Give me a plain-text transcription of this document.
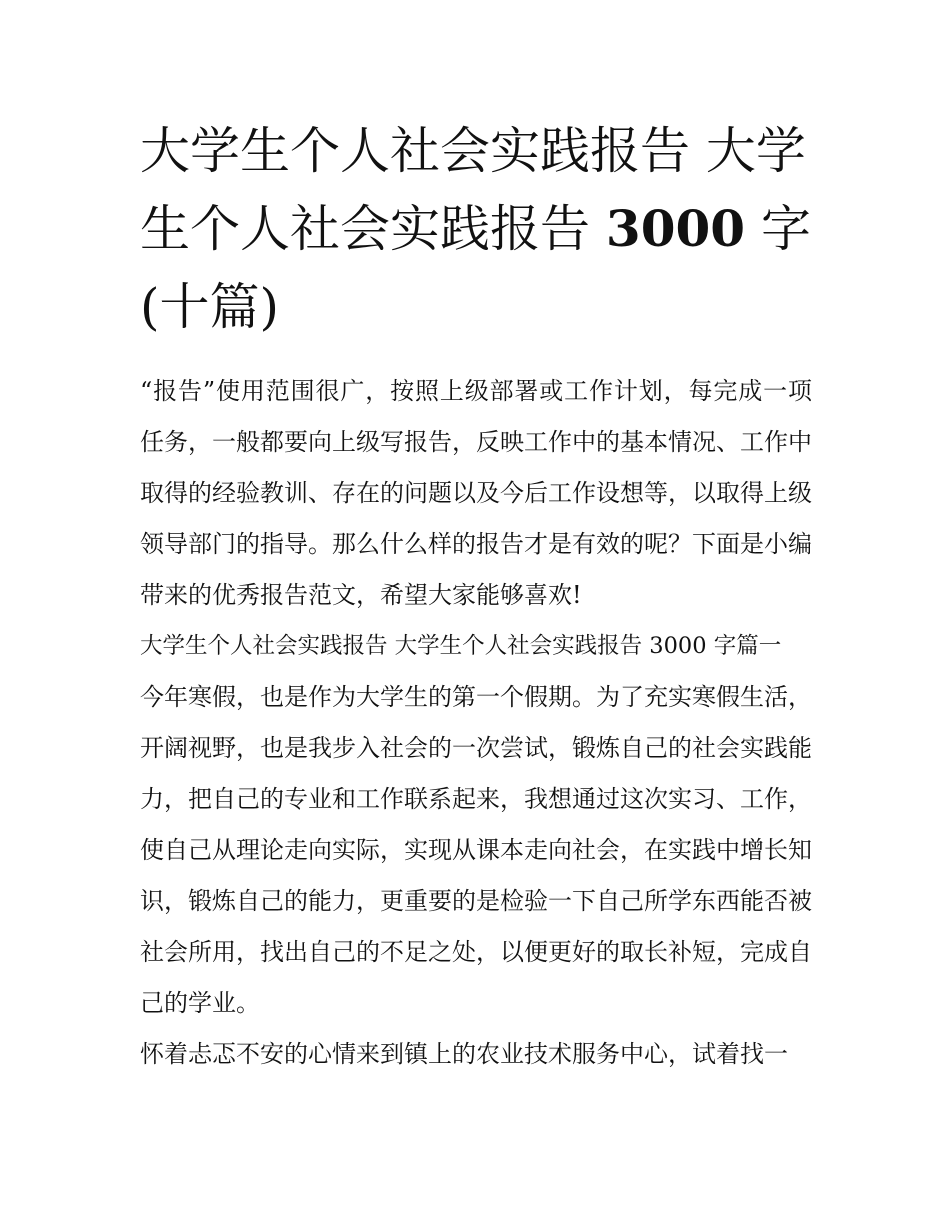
大学生个人社会实践报告 大学生个人社会实践报告 3000 字(十篇)

“报告”使用范围很广，按照上级部署或工作计划，每完成一项任务，一般都要向上级写报告，反映工作中的基本情况、工作中取得的经验教训、存在的问题以及今后工作设想等，以取得上级领导部门的指导。那么什么样的报告才是有效的呢？下面是小编带来的优秀报告范文，希望大家能够喜欢!

大学生个人社会实践报告 大学生个人社会实践报告 3000 字篇一

今年寒假，也是作为大学生的第一个假期。为了充实寒假生活，开阔视野，也是我步入社会的一次尝试，锻炼自己的社会实践能力，把自己的专业和工作联系起来，我想通过这次实习、工作，使自己从理论走向实际，实现从课本走向社会，在实践中增长知识，锻炼自己的能力，更重要的是检验一下自己所学东西能否被社会所用，找出自己的不足之处，以便更好的取长补短，完成自己的学业。

怀着忐忑不安的心情来到镇上的农业技术服务中心，试着找一
